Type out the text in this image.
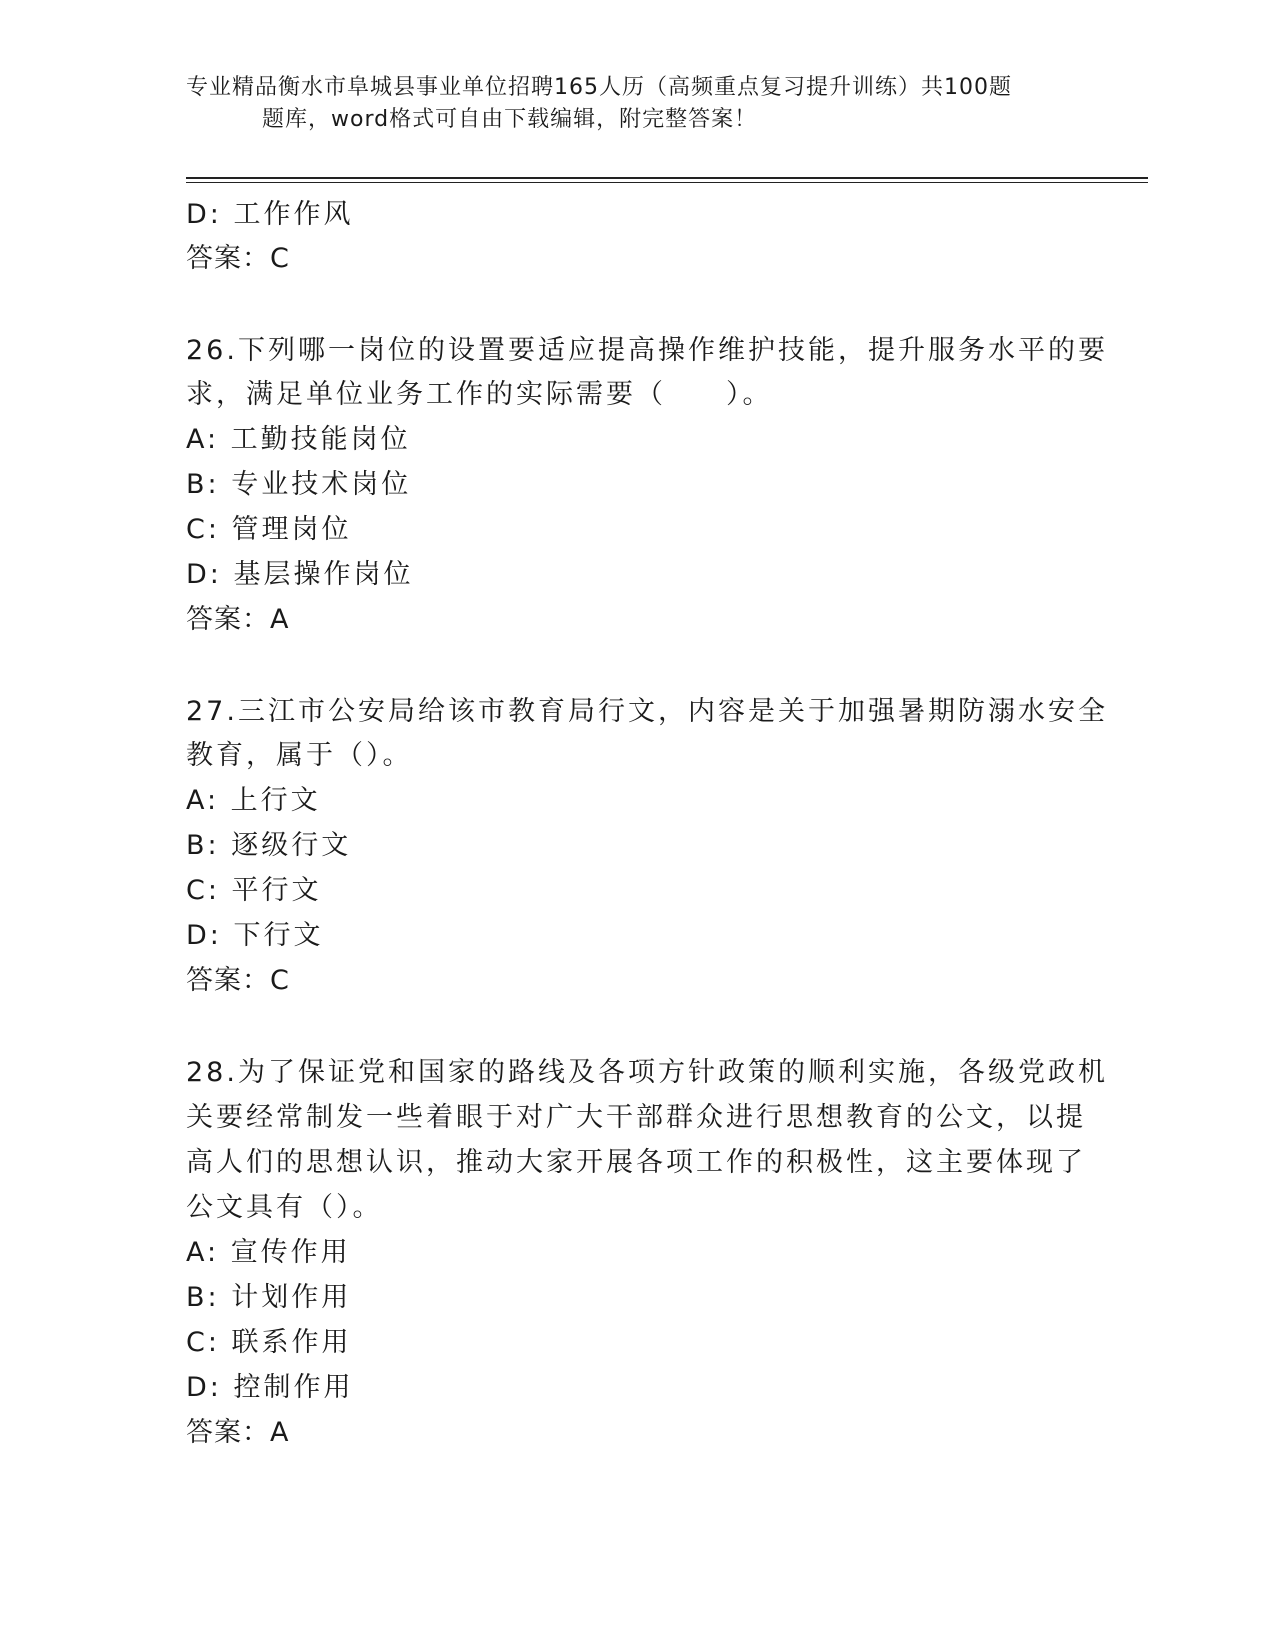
专业精品衡水市阜城县事业单位招聘165人历（高频重点复习提升训练）共100题
题库，word格式可自由下载编辑，附完整答案！
D: 工作作风
答案：C
26.下列哪一岗位的设置要适应提高操作维护技能，提升服务水平的要
求，满足单位业务工作的实际需要（　　）。
A: 工勤技能岗位
B: 专业技术岗位
C: 管理岗位
D: 基层操作岗位
答案：A
27.三江市公安局给该市教育局行文，内容是关于加强暑期防溺水安全
教育，属于（）。
A: 上行文
B: 逐级行文
C: 平行文
D: 下行文
答案：C
28.为了保证党和国家的路线及各项方针政策的顺利实施，各级党政机
关要经常制发一些着眼于对广大干部群众进行思想教育的公文，以提
高人们的思想认识，推动大家开展各项工作的积极性，这主要体现了
公文具有（）。
A: 宣传作用
B: 计划作用
C: 联系作用
D: 控制作用
答案：A
